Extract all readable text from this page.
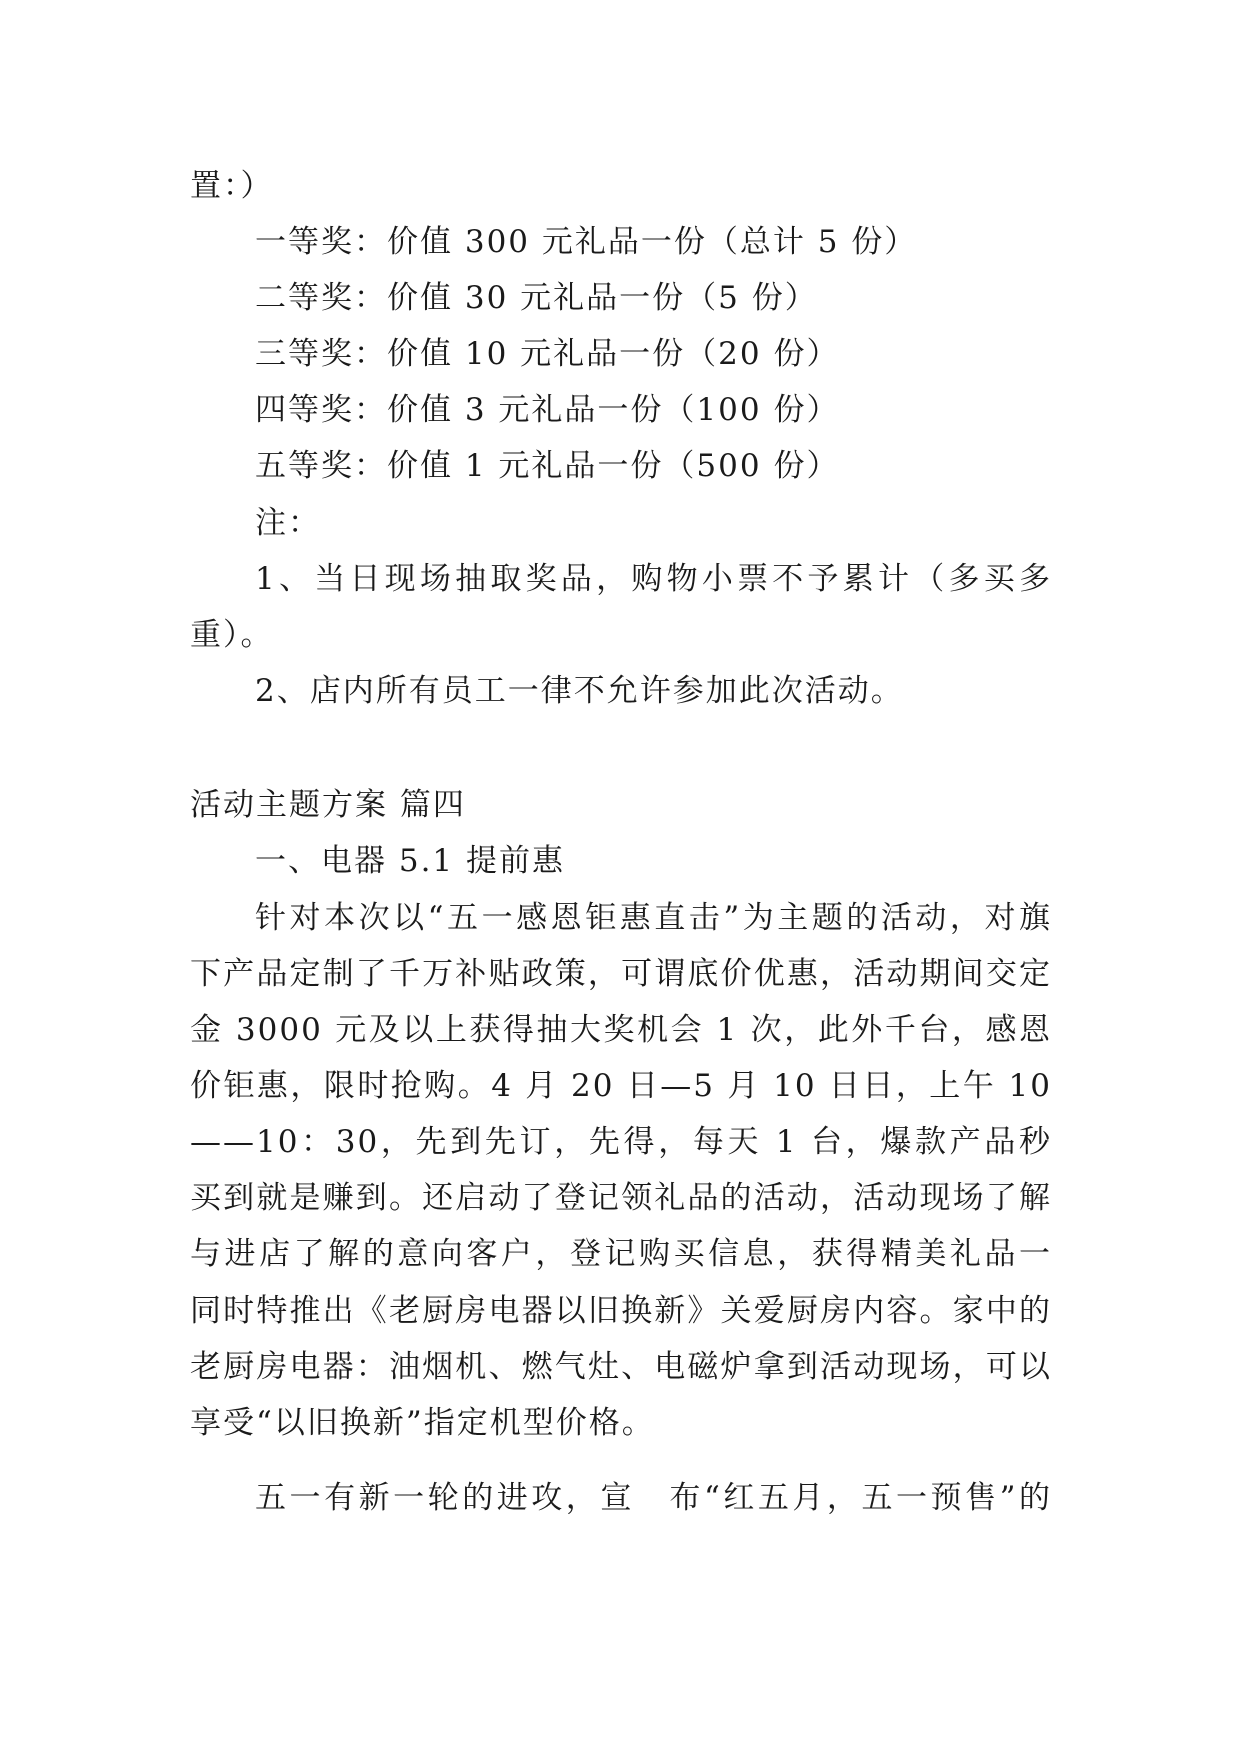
置：）
一等奖：价值 300 元礼品一份（总计 5 份）
二等奖：价值 30 元礼品一份（5 份）
三等奖：价值 10 元礼品一份（20 份）
四等奖：价值 3 元礼品一份（100 份）
五等奖：价值 1 元礼品一份（500 份）
注：
1、当日现场抽取奖品，购物小票不予累计（多买多
重）。
2、店内所有员工一律不允许参加此次活动。
活动主题方案 篇四
一、电器 5.1 提前惠
针对本次以“五一感恩钜惠直击”为主题的活动，对旗
下产品定制了千万补贴政策，可谓底价优惠，活动期间交定
金 3000 元及以上获得抽大奖机会 1 次，此外千台，感恩
价钜惠，限时抢购。4 月 20 日—5 月 10 日日，上午 10
——10：30，先到先订，先得，每天 1 台，爆款产品秒
买到就是赚到。还启动了登记领礼品的活动，活动现场了解
与进店了解的意向客户，登记购买信息，获得精美礼品一
同时特推出《老厨房电器以旧换新》关爱厨房内容。家中的
老厨房电器：油烟机、燃气灶、电磁炉拿到活动现场，可以
享受“以旧换新”指定机型价格。
五一有新一轮的进攻，宣　布“红五月，五一预售”的
